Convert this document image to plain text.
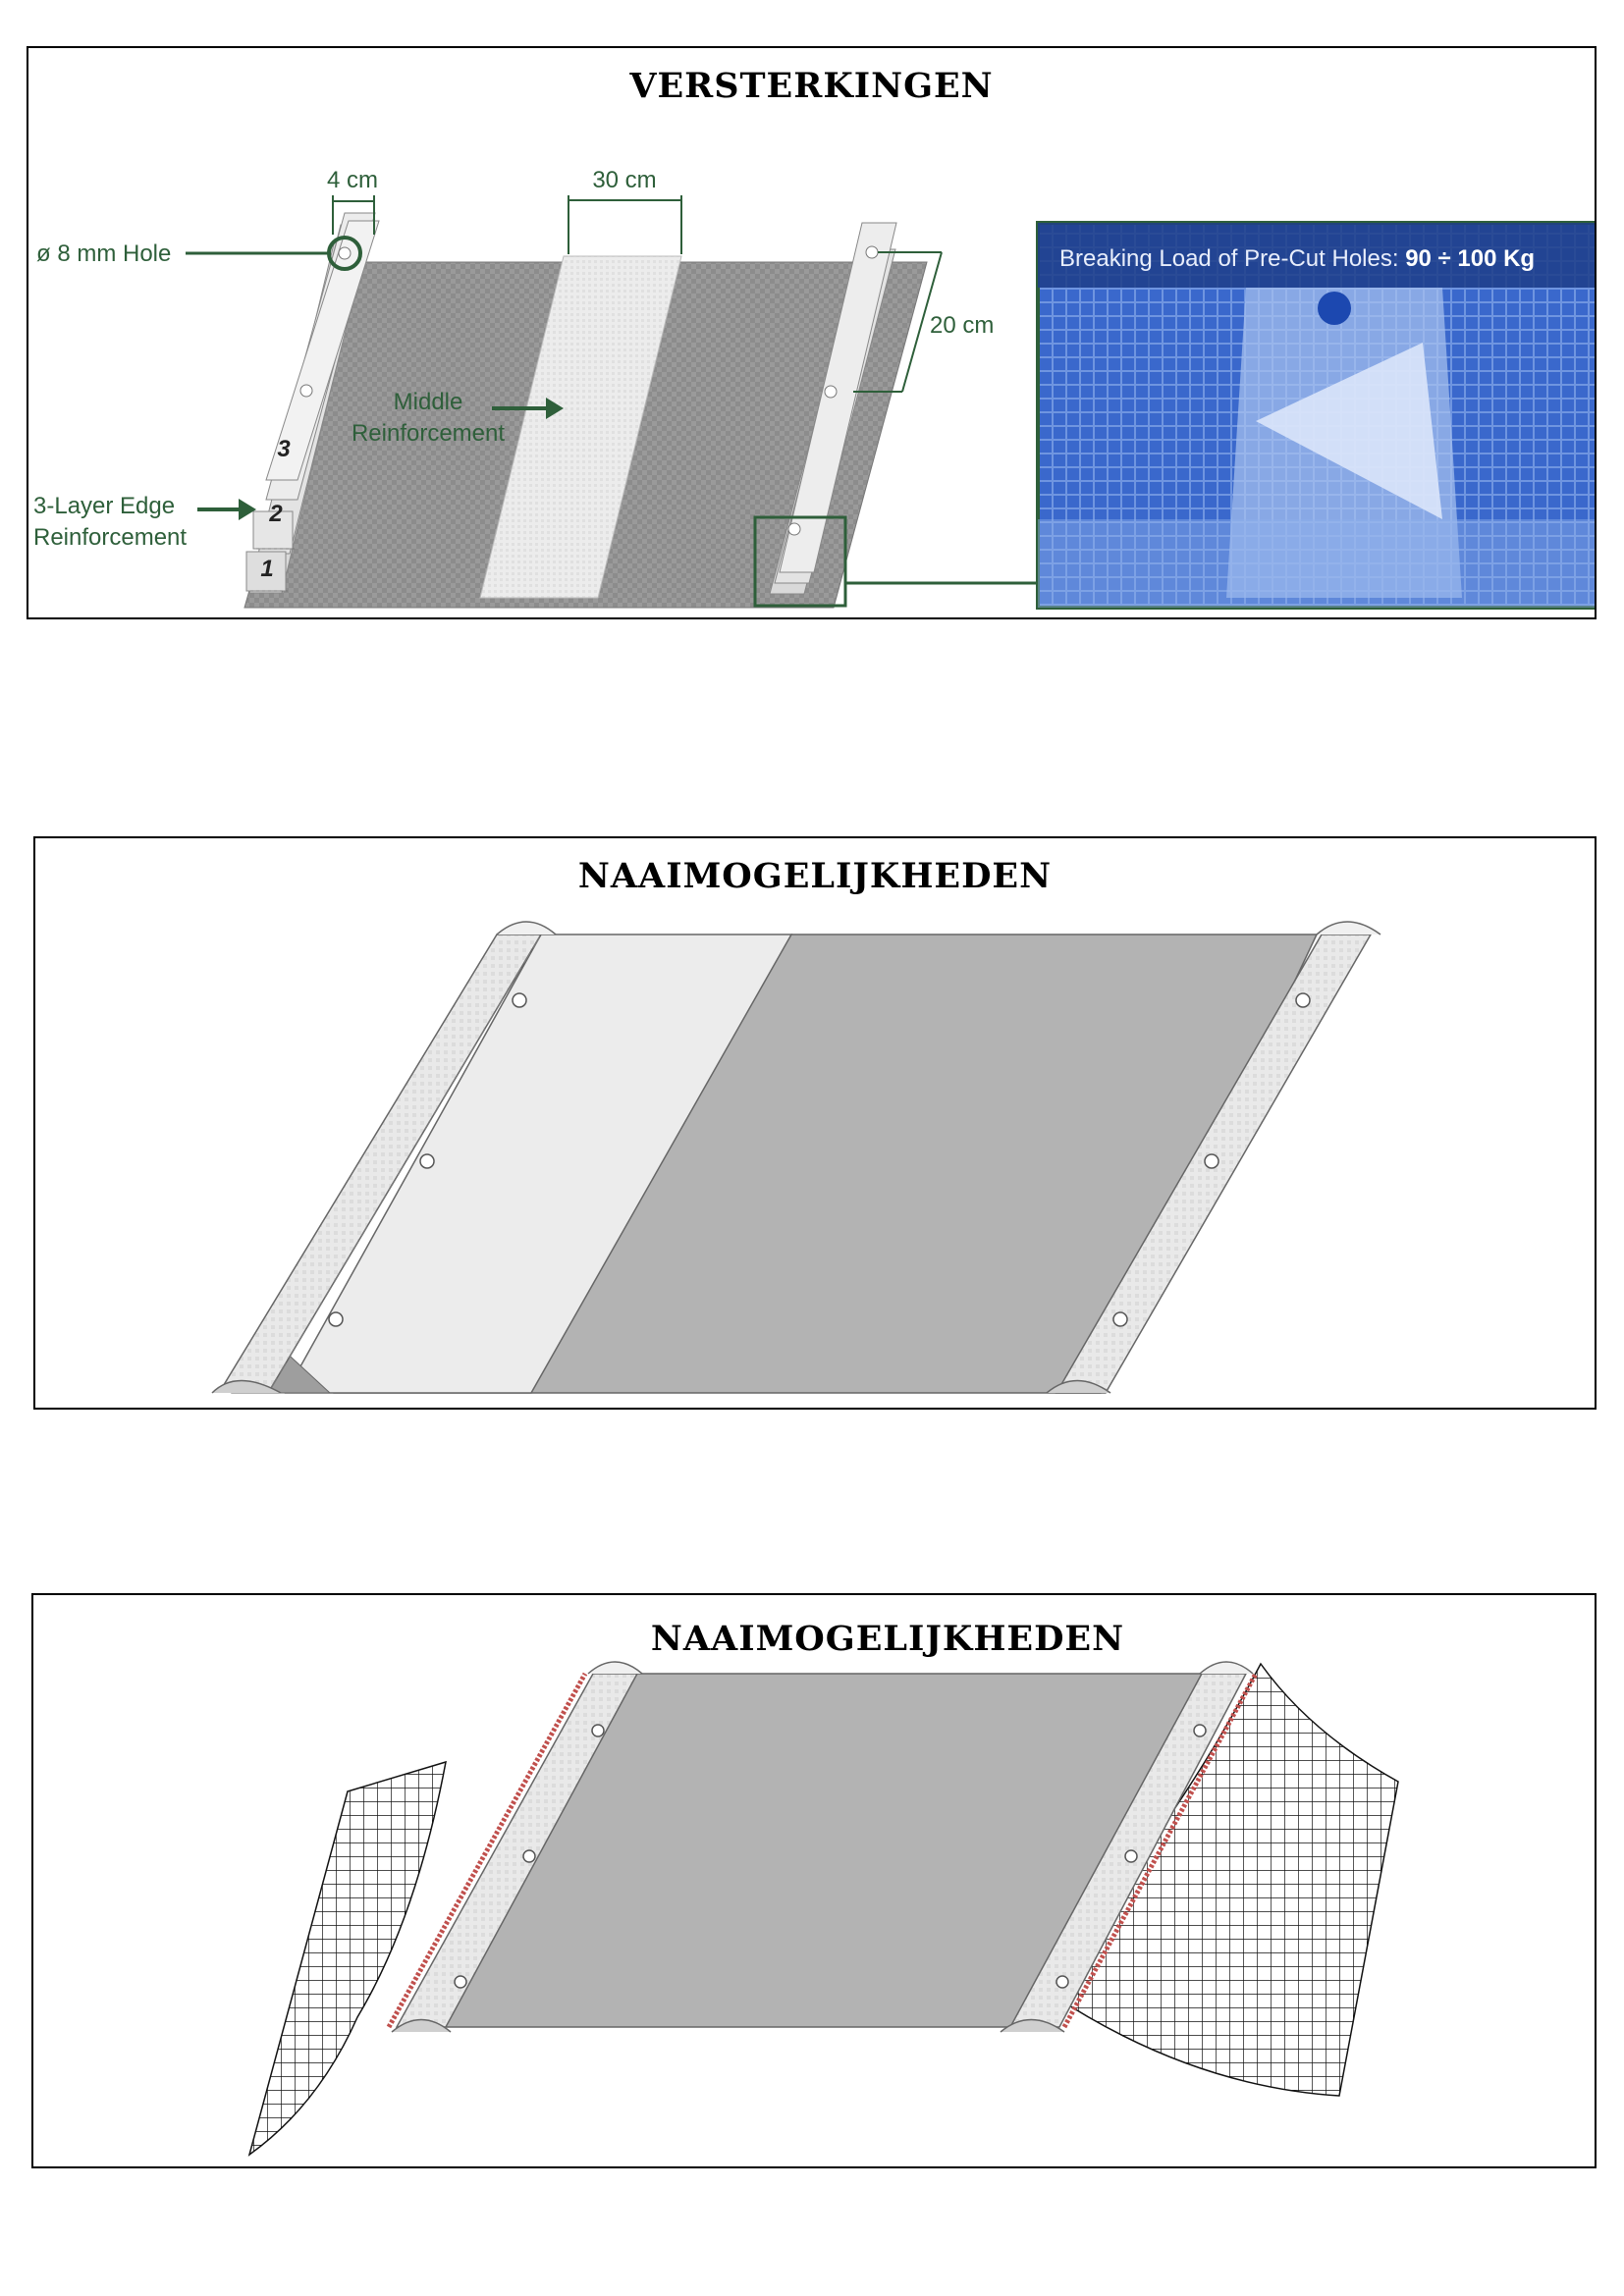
VERSTERKINGEN
3
2
1
ø 8 mm Hole
4 cm	30 cm
20 cm
Middle
Reinforcement
3-Layer Edge
Reinforcement
Breaking Load of Pre-Cut Holes: 90 ÷ 100 Kg
NAAIMOGELIJKHEDEN
NAAIMOGELIJKHEDEN
